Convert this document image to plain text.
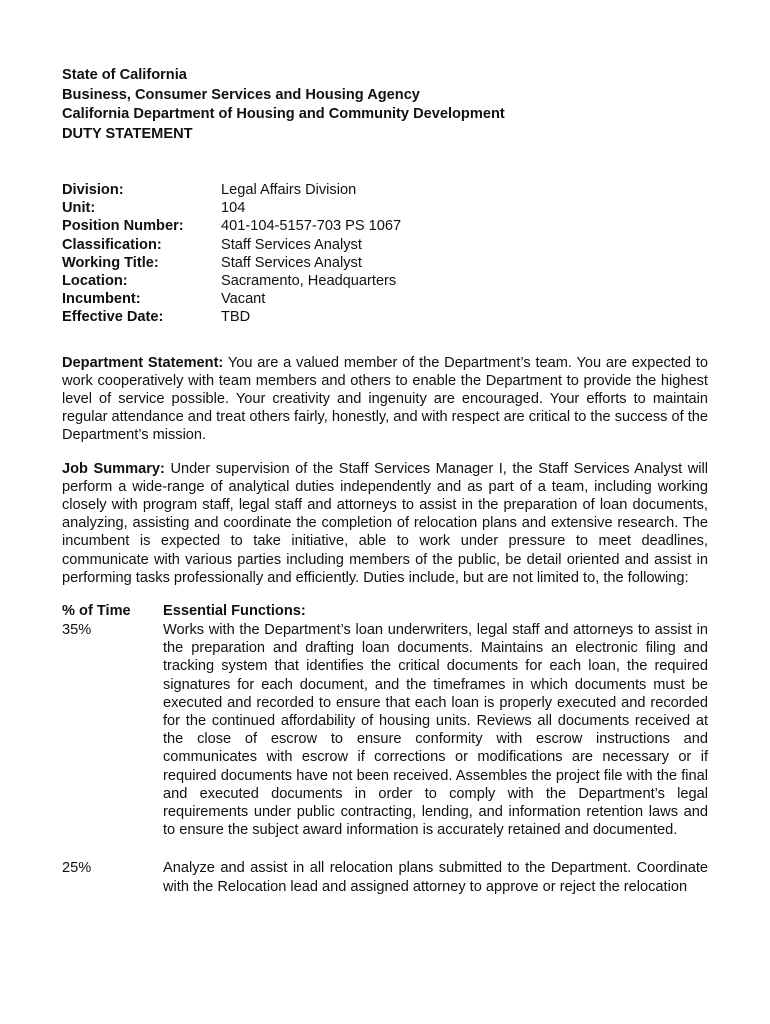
State of California

Business, Consumer Services and Housing Agency

California Department of Housing and Community Development

DUTY STATEMENT

Division:	Legal Affairs Division
Unit:	104
Position Number:	401-104-5157-703 PS 1067
Classification:	Staff Services Analyst
Working Title:	Staff Services Analyst
Location:	Sacramento, Headquarters
Incumbent:	Vacant
Effective Date:	TBD

Department Statement: You are a valued member of the Department’s team. You are expected to work cooperatively with team members and others to enable the Department to provide the highest level of service possible. Your creativity and ingenuity are encouraged. Your efforts to maintain regular attendance and treat others fairly, honestly, and with respect are critical to the success of the Department’s mission.

Job Summary: Under supervision of the Staff Services Manager I, the Staff Services Analyst will perform a wide-range of analytical duties independently and as part of a team, including working closely with program staff, legal staff and attorneys to assist in the preparation of loan documents, analyzing, assisting and coordinate the completion of relocation plans and extensive research. The incumbent is expected to take initiative, able to work under pressure to meet deadlines, communicate with various parties including members of the public, be detail oriented and assist in performing tasks professionally and efficiently. Duties include, but are not limited to, the following:

% of Time	Essential Functions:
35%	Works with the Department’s loan underwriters, legal staff and attorneys to assist in the preparation and drafting loan documents. Maintains an electronic filing and tracking system that identifies the critical documents for each loan, the required signatures for each document, and the timeframes in which documents must be executed and recorded to ensure that each loan is properly executed and recorded for the continued affordability of housing units. Reviews all documents received at the close of escrow to ensure conformity with escrow instructions and communicates with escrow if corrections or modifications are necessary or if required documents have not been received. Assembles the project file with the final and executed documents in order to comply with the Department’s legal requirements under public contracting, lending, and information retention laws and to ensure the subject award information is accurately retained and documented.
25%	Analyze and assist in all relocation plans submitted to the Department. Coordinate with the Relocation lead and assigned attorney to approve or reject the relocation
